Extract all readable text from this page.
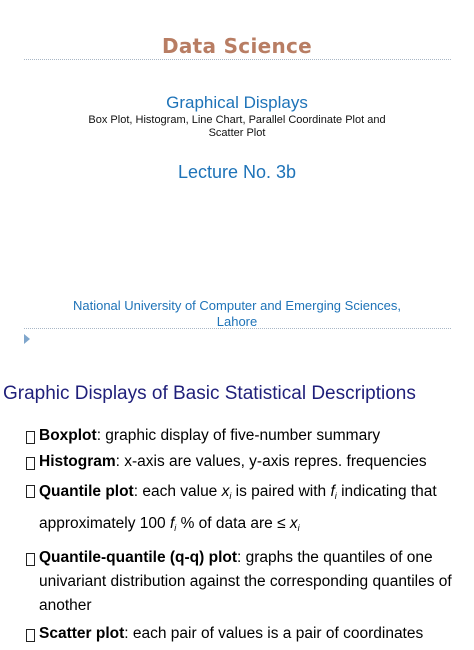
Data Science
Graphical Displays
Box Plot, Histogram, Line Chart, Parallel Coordinate Plot and Scatter Plot
Lecture No. 3b
National University of Computer and Emerging Sciences, Lahore
Graphic Displays of Basic Statistical Descriptions
Boxplot: graphic display of five-number summary
Histogram: x-axis are values, y-axis repres. frequencies
Quantile plot: each value $x_i$ is paired with $f_i$ indicating that approximately 100 $f_i$ % of data are ≤ $x_i$
Quantile-quantile (q-q) plot: graphs the quantiles of one univariant distribution against the corresponding quantiles of another
Scatter plot: each pair of values is a pair of coordinates
